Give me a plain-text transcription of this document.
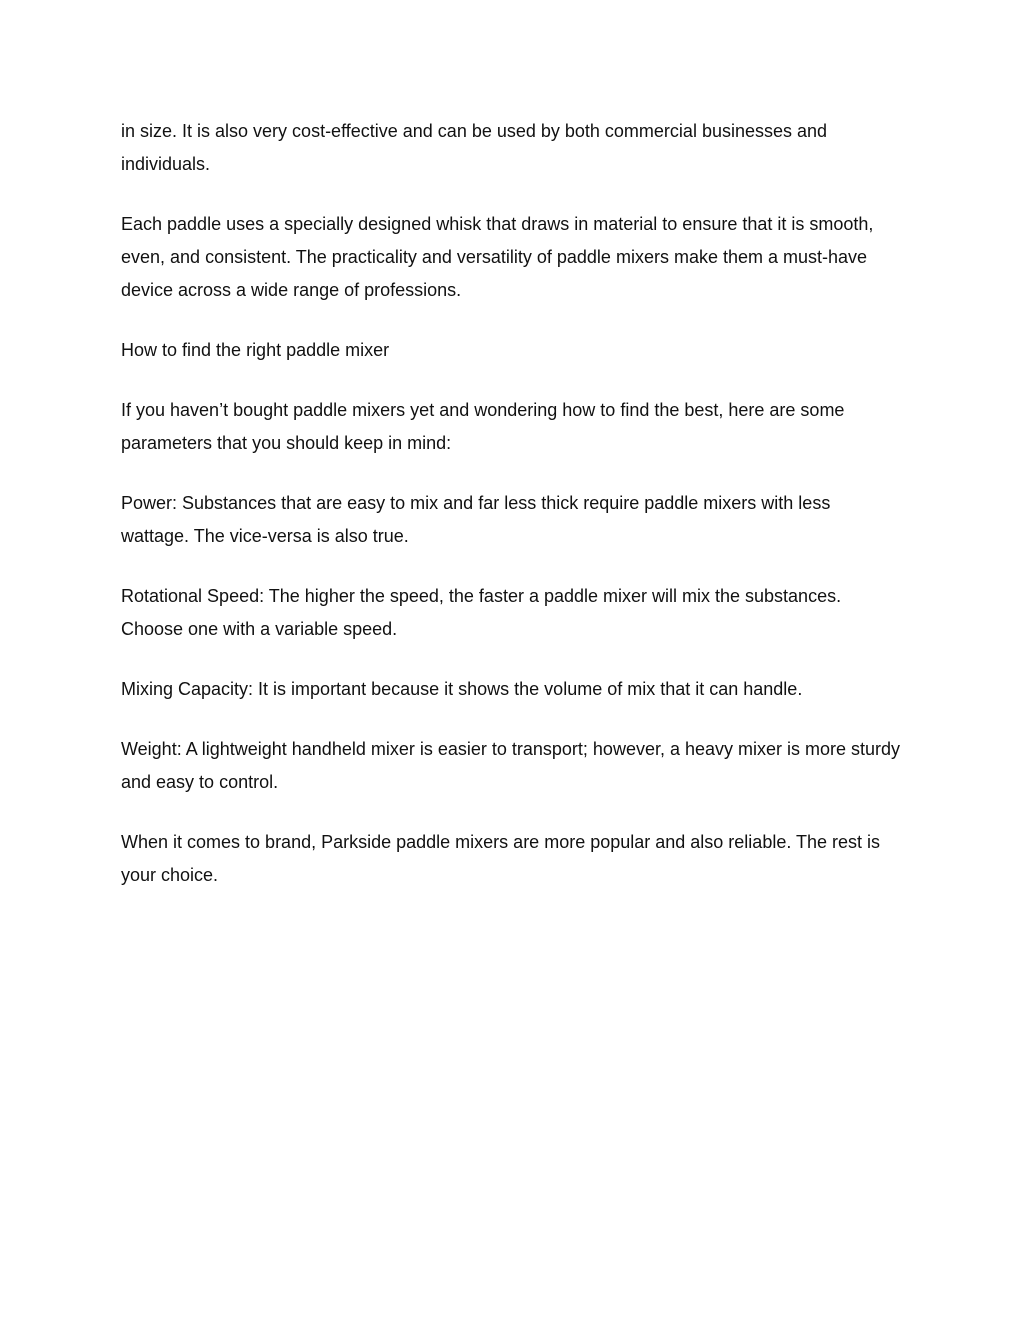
in size. It is also very cost-effective and can be used by both commercial businesses and individuals.

Each paddle uses a specially designed whisk that draws in material to ensure that it is smooth, even, and consistent. The practicality and versatility of paddle mixers make them a must-have device across a wide range of professions.

How to find the right paddle mixer

If you haven’t bought paddle mixers yet and wondering how to find the best, here are some parameters that you should keep in mind:

Power: Substances that are easy to mix and far less thick require paddle mixers with less wattage. The vice-versa is also true.

Rotational Speed: The higher the speed, the faster a paddle mixer will mix the substances. Choose one with a variable speed.

Mixing Capacity: It is important because it shows the volume of mix that it can handle.

Weight: A lightweight handheld mixer is easier to transport; however, a heavy mixer is more sturdy and easy to control.

When it comes to brand, Parkside paddle mixers are more popular and also reliable. The rest is your choice.
